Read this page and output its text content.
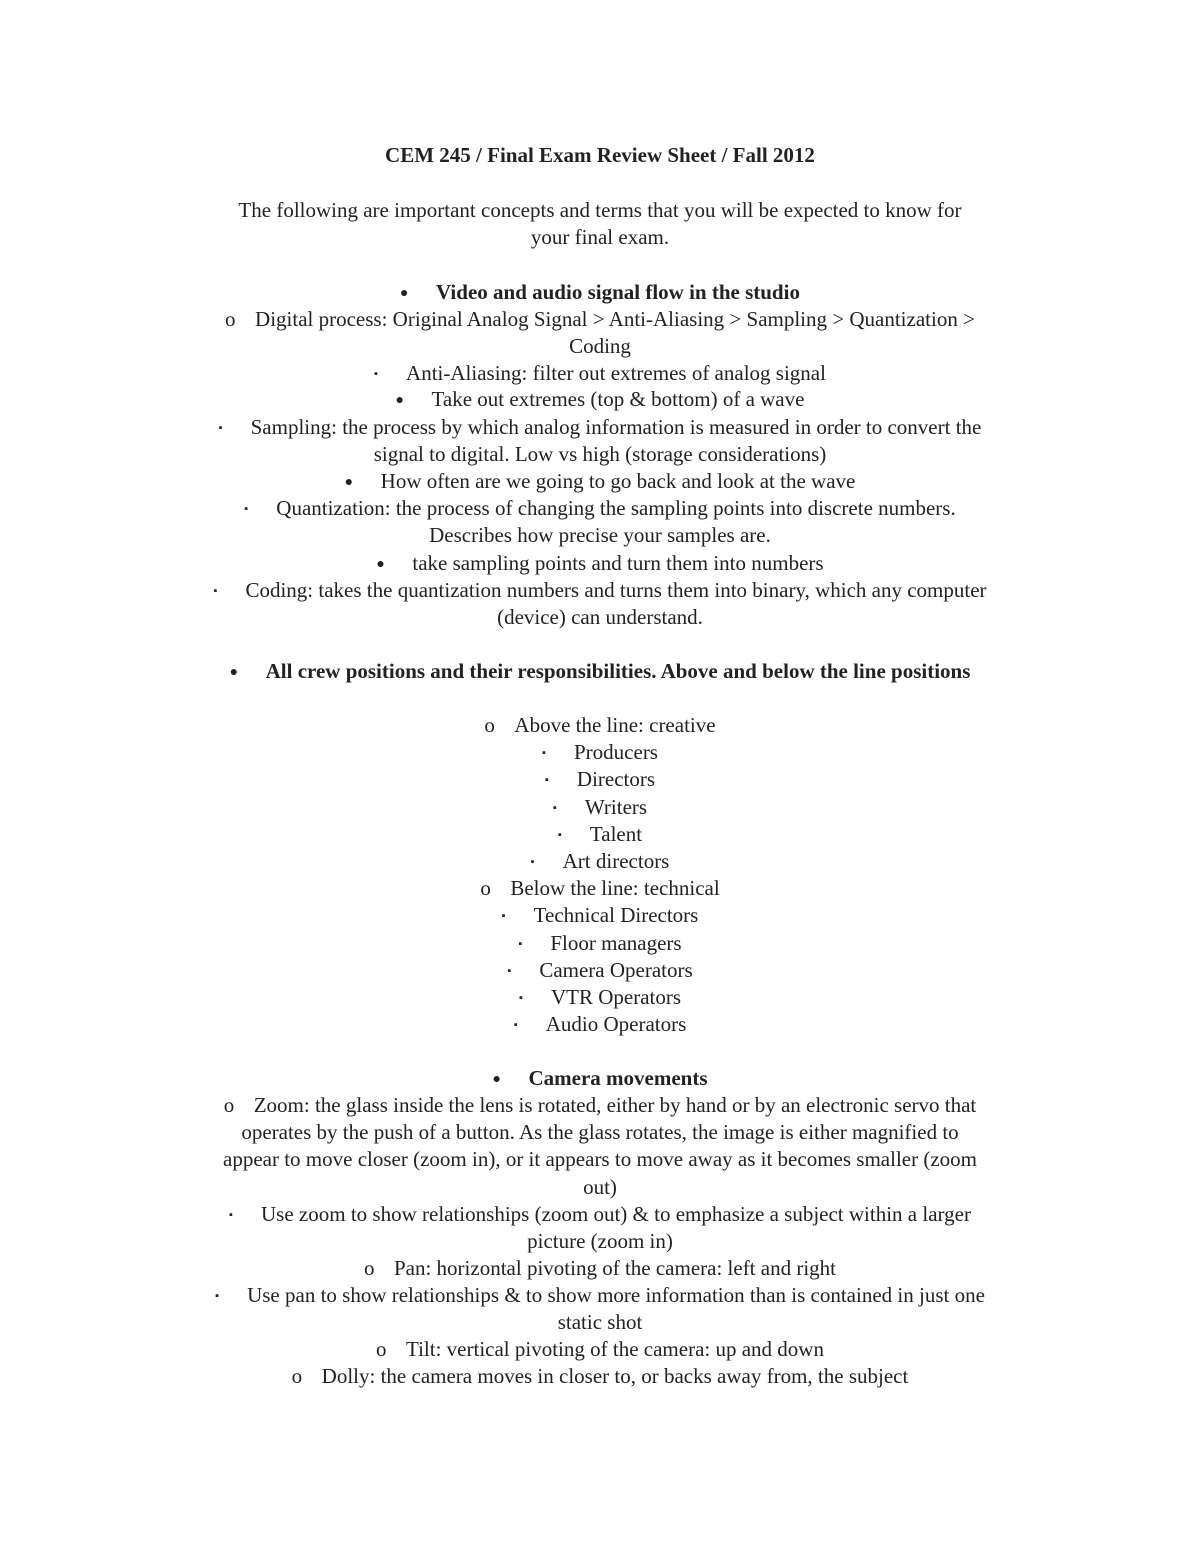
CEM 245 / Final Exam Review Sheet / Fall 2012
The following are important concepts and terms that you will be expected to know for
your final exam.
● Video and audio signal flow in the studio
o Digital process: Original Analog Signal > Anti-Aliasing > Sampling > Quantization >
Coding
▪ Anti-Aliasing: filter out extremes of analog signal
● Take out extremes (top & bottom) of a wave
▪ Sampling: the process by which analog information is measured in order to convert the
signal to digital. Low vs high (storage considerations)
● How often are we going to go back and look at the wave
▪ Quantization: the process of changing the sampling points into discrete numbers.
Describes how precise your samples are.
● take sampling points and turn them into numbers
▪ Coding: takes the quantization numbers and turns them into binary, which any computer
(device) can understand.
● All crew positions and their responsibilities. Above and below the line positions
o Above the line: creative
▪ Producers
▪ Directors
▪ Writers
▪ Talent
▪ Art directors
o Below the line: technical
▪ Technical Directors
▪ Floor managers
▪ Camera Operators
▪ VTR Operators
▪ Audio Operators
● Camera movements
o Zoom: the glass inside the lens is rotated, either by hand or by an electronic servo that
operates by the push of a button. As the glass rotates, the image is either magnified to
appear to move closer (zoom in), or it appears to move away as it becomes smaller (zoom
out)
▪ Use zoom to show relationships (zoom out) & to emphasize a subject within a larger
picture (zoom in)
o Pan: horizontal pivoting of the camera: left and right
▪ Use pan to show relationships & to show more information than is contained in just one
static shot
o Tilt: vertical pivoting of the camera: up and down
o Dolly: the camera moves in closer to, or backs away from, the subject
